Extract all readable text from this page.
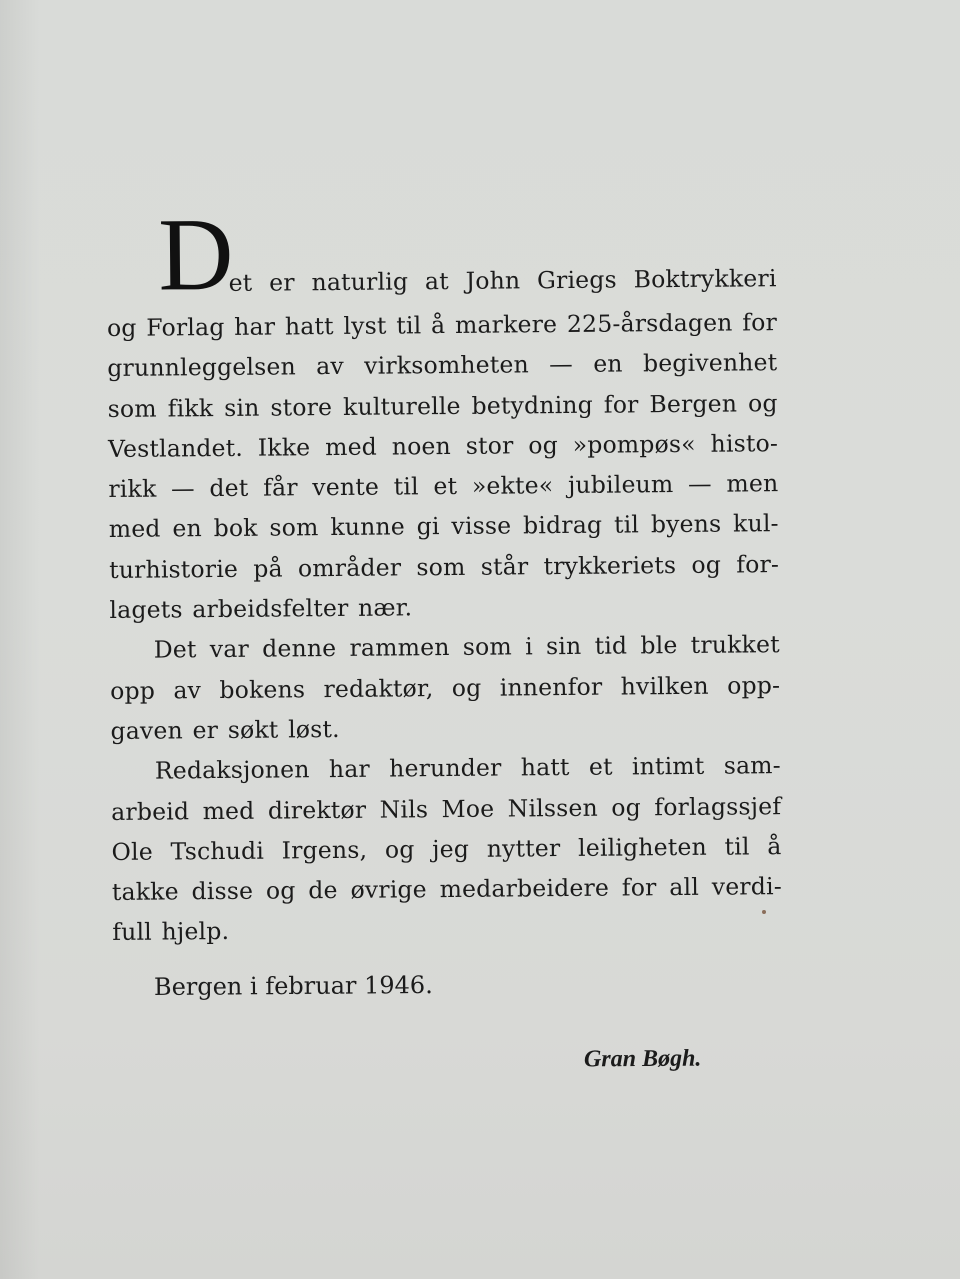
D
et er naturlig at John Griegs Boktrykkeri
og Forlag har hatt lyst til å markere 225-årsdagen for
grunnleggelsen av virksomheten — en begivenhet
som fikk sin store kulturelle betydning for Bergen og
Vestlandet. Ikke med noen stor og »pompøs« histo-
rikk — det får vente til et »ekte« jubileum — men
med en bok som kunne gi visse bidrag til byens kul-
turhistorie på områder som står trykkeriets og for-
lagets arbeidsfelter nær.
Det var denne rammen som i sin tid ble trukket
opp av bokens redaktør, og innenfor hvilken opp-
gaven er søkt løst.
Redaksjonen har herunder hatt et intimt sam-
arbeid med direktør Nils Moe Nilssen og forlagssjef
Ole Tschudi Irgens, og jeg nytter leiligheten til å
takke disse og de øvrige medarbeidere for all verdi-
full hjelp.
Bergen i februar 1946.
Gran Bøgh.
